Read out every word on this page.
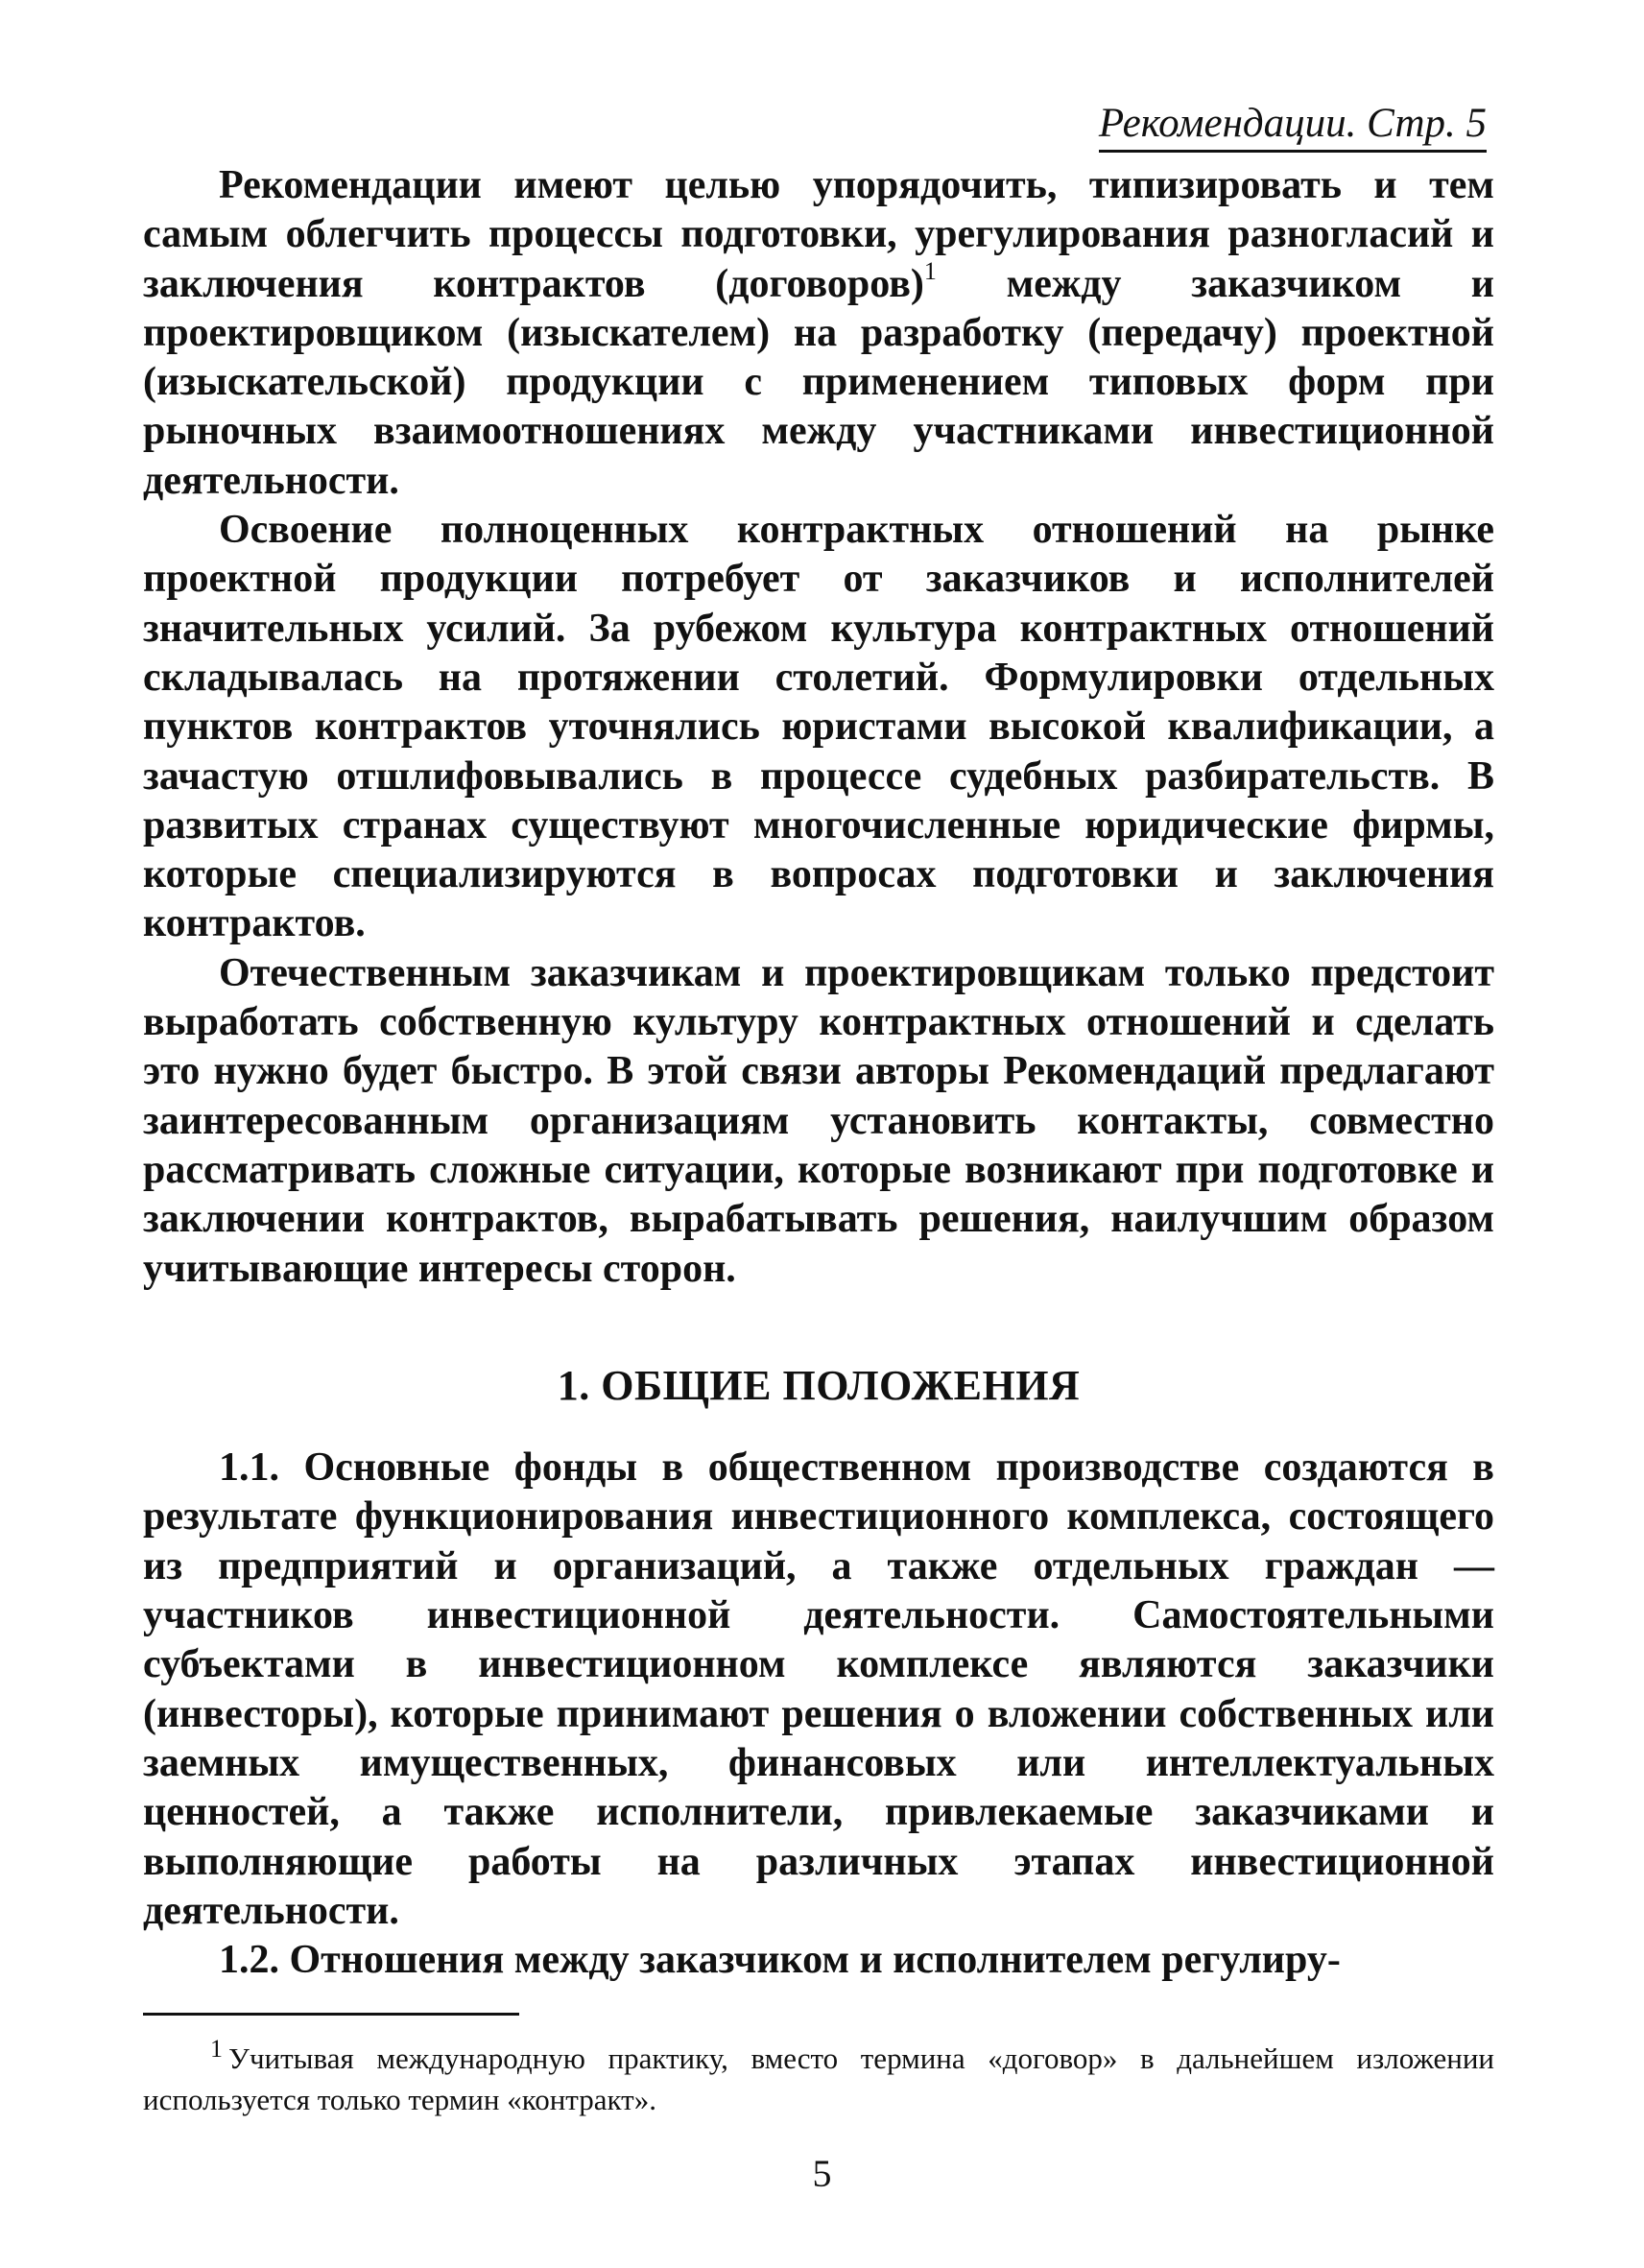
Рекомендации. Стр. 5

Рекомендации имеют целью упорядочить, типизировать и тем самым облегчить процессы подготовки, урегулирования разногласий и заключения контрактов (договоров)$^1$ между заказчиком и проектировщиком (изыскателем) на разработку (передачу) проектной (изыскательской) продукции с применением типовых форм при рыночных взаимоотношениях между участниками инвестиционной деятельности.

Освоение полноценных контрактных отношений на рынке проектной продукции потребует от заказчиков и исполнителей значительных усилий. За рубежом культура контрактных отношений складывалась на протяжении столетий. Формулировки отдельных пунктов контрактов уточнялись юристами высокой квалификации, а зачастую отшлифовывались в процессе судебных разбирательств. В развитых странах существуют многочисленные юридические фирмы, которые специализируются в вопросах подготовки и заключения контрактов.

Отечественным заказчикам и проектировщикам только предстоит выработать собственную культуру контрактных отношений и сделать это нужно будет быстро. В этой связи авторы Рекомендаций предлагают заинтересованным организациям установить контакты, совместно рассматривать сложные ситуации, которые возникают при подготовке и заключении контрактов, вырабатывать решения, наилучшим образом учитывающие интересы сторон.

1. ОБЩИЕ ПОЛОЖЕНИЯ

1.1. Основные фонды в общественном производстве создаются в результате функционирования инвестиционного комплекса, состоящего из предприятий и организаций, а также отдельных граждан — участников инвестиционной деятельности. Самостоятельными субъектами в инвестиционном комплексе являются заказчики (инвесторы), которые принимают решения о вложении собственных или заемных имущественных, финансовых или интеллектуальных ценностей, а также исполнители, привлекаемые заказчиками и выполняющие работы на различных этапах инвестиционной деятельности.

1.2. Отношения между заказчиком и исполнителем регулиру-

$^1$ Учитывая международную практику, вместо термина «договор» в дальнейшем изложении используется только термин «контракт».
5
